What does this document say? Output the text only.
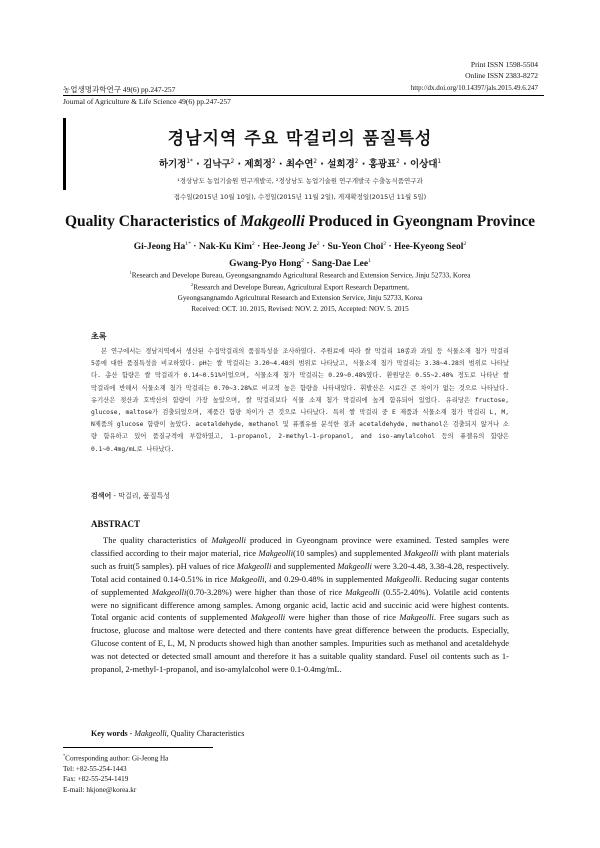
Print ISSN 1598-5504
Online ISSN 2383-8272
농업생명과학연구 49(6) pp.247-257	http://dx.doi.org/10.14397/jals.2015.49.6.247
Journal of Agriculture & Life Science 49(6) pp.247-257
경남지역 주요 막걸리의 품질특성
하기정$^{1*}$ · 김낙구$^2$ · 제희정$^2$ · 최수연$^2$ · 설희경$^2$ · 홍광표$^2$ · 이상대$^1$
¹경상남도 농업기술원 연구개발국, ²경상남도 농업기술원 연구개발국 수출농식품연구과
접수일(2015년 10월 10일), 수정일(2015년 11월 2일), 게재확정일(2015년 11월 5일)
Quality Characteristics of Makgeolli Produced in Gyeongnam Province
Gi-Jeong $Ha^{1*} \cdot Nak-Ku$ Kim$^2$ · Hee-Jeong $Je^2$ · Su-Yeon Choi$^2$ · Hee-Kyeong Seol$^2$
Gwang-Pyo Hong$^2$ · Sang-Dae Lee$^1$
$^1$Research and Develope Bureau, Gyeongsangnamdo Agricultural Research and Extension Service, Jinju 52733, Korea
$^2$Research and Develope Bureau, Agricultural Export Research Department,
Gyeongsangnamdo Agricultural Research and Extension Service, Jinju 52733, Korea
Received: OCT. 10. 2015, Revised: NOV. 2. 2015, Accepted: NOV. 5. 2015
초록
본 연구에서는 경남지역에서 생산된 수집막걸리의 품질특성을 조사하였다. 주원료에 따라 쌀 막걸리 10종과 과일 등 식물소재 첨가 막걸리 5종에 대한 품질특성을 비교하였다. pH는 쌀 막걸리는 3.20~4.48의 범위로 나타났고, 식물소재 첨가 막걸리는 3.38~4.28의 범위로 나타났다. 총산 함량은 쌀 막걸리가 0.14~0.51%이었으며, 식물소재 첨가 막걸리는 0.29~0.48%였다. 환원당은 0.55~2.40% 정도로 나타난 쌀 막걸리에 반해서 식물소재 첨가 막걸리는 0.70~3.28%로 비교적 높은 함량을 나타내었다. 휘발산은 시료간 큰 차이가 없는 것으로 나타났다. 유기산은 젖산과 호박산의 함량이 가장 높았으며, 쌀 막걸리보다 식물 소재 첨가 막걸리에 높게 함유되어 있었다. 유리당은 fructose, glucose, maltose가 검출되었으며, 제품간 함량 차이가 큰 것으로 나타났다. 특히 쌀 막걸리 중 E 제품과 식물소재 첨가 막걸리 L, M, N제품의 glucose 함량이 높았다. acetaldehyde, methanol 및 퓨젤유를 분석한 결과 acetaldehyde, methanol은 검출되지 않거나 소량 함유하고 있어 품질규격에 부합하였고, 1-propanol, 2-methyl-1-propanol, and iso-amylalcohol 등의 퓨젤유의 함량은 0.1~0.4mg/mL로 나타났다.
검색어 - 막걸리, 품질특성
ABSTRACT
The quality characteristics of Makgeolli produced in Gyeongnam province were examined. Tested samples were classified according to their major material, rice Makgeolli(10 samples) and supplemented Makgeolli with plant materials such as fruit(5 samples). pH values of rice Makgeolli and supplemented Makgeolli were 3.20-4.48, 3.38-4.28, respectively. Total acid contained 0.14-0.51% in rice Makgeolli, and 0.29-0.48% in supplemented Makgeolli. Reducing sugar contents of supplemented Makgeolli(0.70-3.28%) were higher than those of rice Makgeolli (0.55-2.40%). Volatile acid contents were no significant difference among samples. Among organic acid, lactic acid and succinic acid were highest contents. Total organic acid contents of supplemented Makgeolli were higher than those of rice Makgeolli. Free sugars such as fructose, glucose and maltose were detected and there contents have great difference between the products. Especially, Glucose content of E, L, M, N products showed high than another samples. Impurities such as methanol and acetaldehyde was not detected or detected small amount and therefore it has a suitable quality standard. Fusel oil contents such as 1-propanol, 2-methyl-1-propanol, and iso-amylalcohol were 0.1-0.4mg/mL.
Key words - Makgeolli, Quality Characteristics
*Corresponding author: Gi-Jeong Ha
Tel: +82-55-254-1443
Fax: +82-55-254-1419
E-mail: hkjone@korea.kr
